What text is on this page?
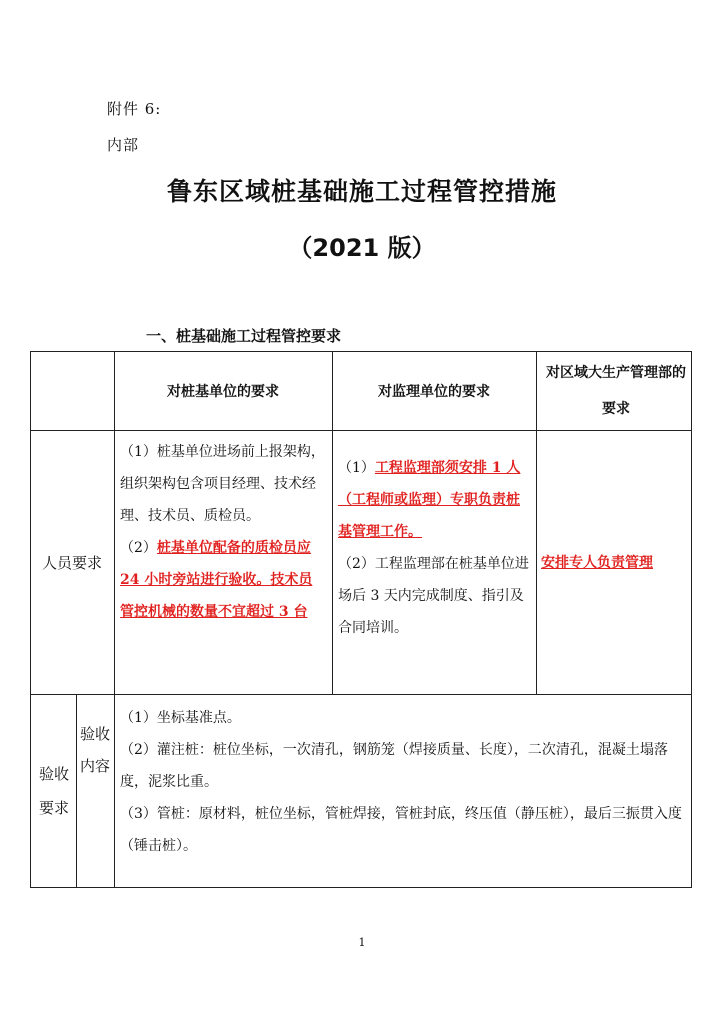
附件 6:
内部
鲁东区域桩基础施工过程管控措施
（2021 版）
一、桩基础施工过程管控要求
对桩基单位的要求	对监理单位的要求
对区域大生产管理部的要求
人员要求

（1）桩基单位进场前上报架构，组织架构包含项目经理、技术经理、技术员、质检员。

（2）桩基单位配备的质检员应 24 小时旁站进行验收。技术员管控机械的数量不宜超过 3 台

（1）工程监理部须安排 1 人（工程师或监理）专职负责桩基管理工作。

（2）工程监理部在桩基单位进场后 3 天内完成制度、指引及合同培训。

安排专人负责管理
验收要求
验收内容

（1）坐标基准点。

（2）灌注桩：桩位坐标，一次清孔，钢筋笼（焊接质量、长度），二次清孔，混凝土塌落度，泥浆比重。

（3）管桩：原材料，桩位坐标，管桩焊接，管桩封底，终压值（静压桩），最后三振贯入度（锤击桩）。

1
